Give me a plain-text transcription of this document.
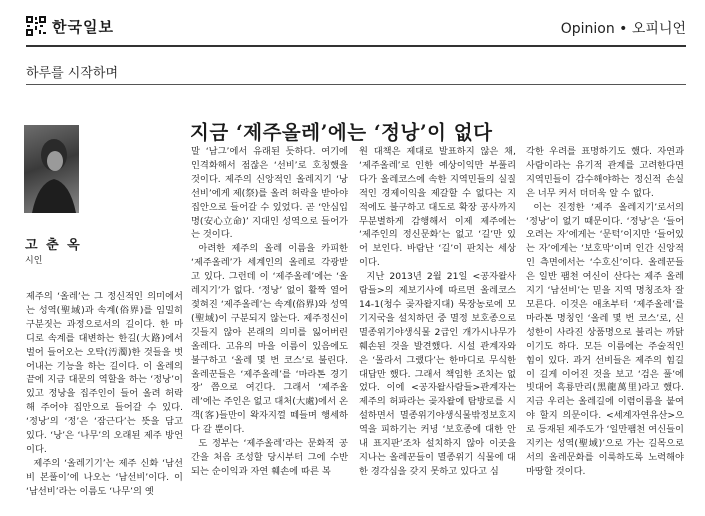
한국일보	Opinion • 오피니언
하루를 시작하며
고 춘 옥
시인
지금 ‘제주올레’에는 ‘정낭’이 없다

제주의 ‘올레’는 그 정신적인 의미에서는 성역(聖域)과 속계(俗界)를 임밀히 구분짓는 과정으로서의 길이다. 한 마디로 속계를 대변하는 한길(大路)에서 벌어 들어오는 오탁(汚濁)한 것들을 벗어내는 기능을 하는 길이다. 이 올레의 끝에 지금 대문의 역할을 하는 ‘정낭’이 있고 정낭을 집주인이 들어 올려 허락해 주어야 집안으로 들어갈 수 있다. ‘정낭’의 ‘정’은 ‘잠근다’는 뜻을 담고 있다. ‘낭’은 ‘나무’의 오래된 제주 방언이다.

제주의 ‘올레기기’는 제주 신화 ‘남선비 본풀이’에 나오는 ‘남선비’이다. 이 ‘남선비’라는 이름도 ‘나무’의 옛

말 ‘남그’에서 유래된 듯하다. 여기에 인격화해서 점잖은 ‘선비’로 호칭했을 것이다. 제주의 신앙적인 올레지기 ‘낭선비’에게 제(祭)를 올려 허락을 받아야 집안으로 들어갈 수 있었다. 곧 ‘안심입명(安心立命)’ 지대인 성역으로 들어가는 것이다.

아려한 제주의 올레 이름을 카피한 ‘제주올레’가 세계인의 올레로 각광받고 있다. 그런데 이 ‘제주올레’에는 ‘올레지기’가 없다. ‘정낭’ 없이 활짝 열어 젖혀진 ‘제주올레’는 속계(俗界)와 성역(聖域)이 구분되지 않는다. 제주정신이 깃들지 않아 본래의 의미를 잃어버린 올레다. 고유의 마을 이름이 있음에도 불구하고 ‘올레 몇 번 코스’로 불린다. 올레꾼들은 ‘제주올레’를 ‘마라톤 경기장’ 쯤으로 여긴다. 그래서 ‘제주올레’에는 주인은 없고 대처(大處)에서 온 객(客)들만이 왁자지껄 떼들며 행세하다 갈 뿐이다.

도 정부는 ‘제주올레’라는 문화적 공간을 처음 조성할 당시부터 그에 수반되는 순이익과 자연 훼손에 따른 복

원 대책은 제대로 발표하지 않은 채, ‘제주올레’로 인한 예상이익만 부풀리다가 올레코스에 속한 지역민들의 실질적인 경제이익을 제갈할 수 없다는 지적에도 불구하고 대도로 확장 공사까지 무분별하게 감행해서 이제 제주에는 ‘제주인의 정신문화’는 없고 ‘길’만 있어 보인다. 바람난 ‘길’이 판치는 세상이다.

지난 2013년 2월 21일 <공자왈사람들>의 제보기사에 따르면 올레코스 14-1(청수 곶자왈지대) 묵장농로에 모 기지국을 설치하던 중 멸정 보호종으로 멸종위기야생식물 2급인 개가시나무가 훼손된 것을 발견했다. 시설 관계자와은 ‘몰라서 그랬다’는 한마디로 무식한 대답만 했다. 그래서 책임한 조치는 없었다. 이에 <공자왈사람들>관계자는 제주의 허파라는 곶자왈에 탐방로를 시설하면서 멸종위기야생식물밖정보호지역을 피하기는 커녕 ‘보호종에 대한 안내 표지판’조차 설치하지 않아 이곳을 지나는 올레꾼들이 멸종위기 식물에 대한 경각심을 갖지 못하고 있다고 심

각한 우려를 표명하기도 했다. 자연과 사람이라는 유기적 관계를 고려한다면 지역민들이 감수해야하는 정신적 손실은 너무 커서 더더욱 알 수 없다.

이는 진정한 ‘제주 올레지기’로서의 ‘정낭’이 없기 때문이다. ‘정낭’은 ‘들어오려는 자’에게는 ‘문턱’이지만 ‘들어있는 자’에게는 ‘보호막’이며 인간 신앙적인 측면에서는 ‘수호신’이다. 올레꾼들은 일반 팸천 여신이 산다는 제주 올레지기 ‘남선비’는 믿을 지역 명칭조차 잘 모른다. 이것은 애초부터 ‘제주올레’를 마라톤 명칭인 ‘올레 몇 번 코스’로, 신성한이 사라진 상품명으로 불리는 까닭이기도 하다. 모든 이름에는 주술적인 힘이 있다. 과거 선비들은 제주의 힘길이 길게 이어진 것을 보고 ‘검은 풀’에 빗대어 흑룡만리(黑龍萬里)라고 했다. 지금 우리는 올레길에 이렴이름을 붙여야 할지 의문이다. <세계자연유산>으로 등재된 제주도가 ‘일만팸천 여신들이 지키는 성역(聖域)’으로 가는 길목으로서의 올레문화를 이룩하도록 노력해야 마땅할 것이다.
